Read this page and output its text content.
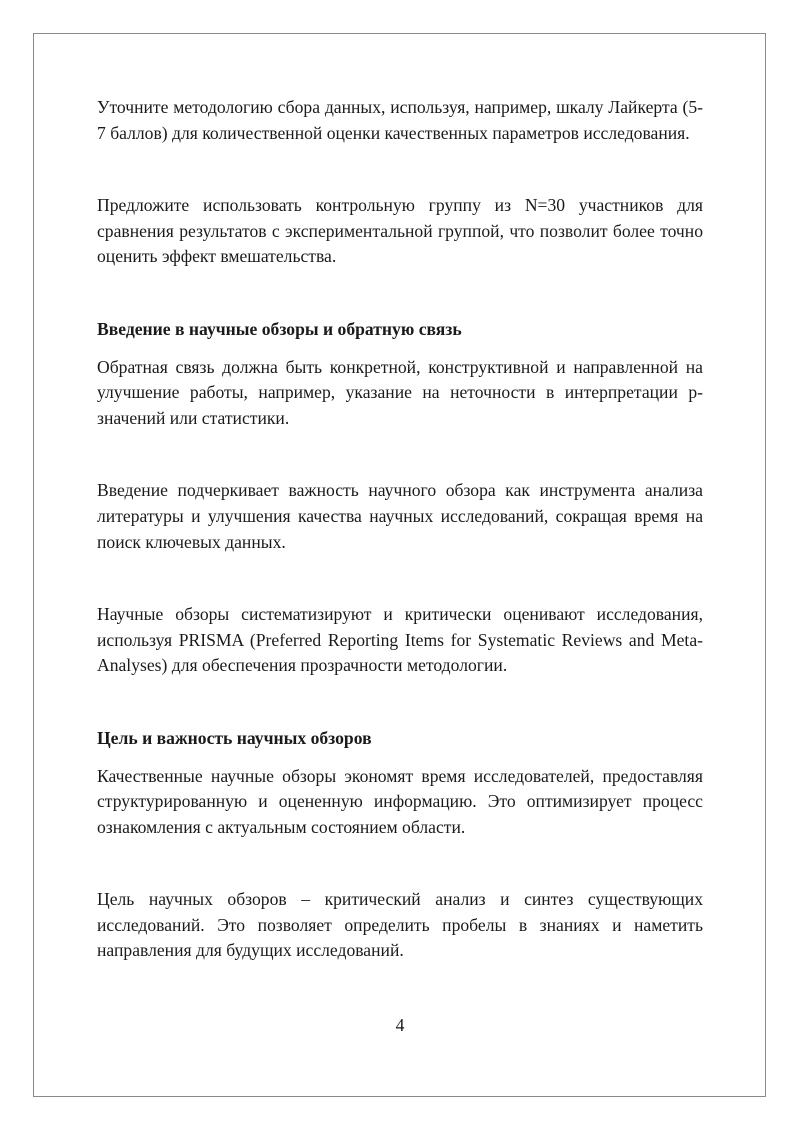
Уточните методологию сбора данных, используя, например, шкалу Лайкерта (5-7 баллов) для количественной оценки качественных параметров исследования.

Предложите использовать контрольную группу из N=30 участников для сравнения результатов с экспериментальной группой, что позволит более точно оценить эффект вмешательства.

Введение в научные обзоры и обратную связь

Обратная связь должна быть конкретной, конструктивной и направленной на улучшение работы, например, указание на неточности в интерпретации p-значений или статистики.

Введение подчеркивает важность научного обзора как инструмента анализа литературы и улучшения качества научных исследований, сокращая время на поиск ключевых данных.

Научные обзоры систематизируют и критически оценивают исследования, используя PRISMA (Preferred Reporting Items for Systematic Reviews and Meta-Analyses) для обеспечения прозрачности методологии.

Цель и важность научных обзоров

Качественные научные обзоры экономят время исследователей, предоставляя структурированную и оцененную информацию. Это оптимизирует процесс ознакомления с актуальным состоянием области.

Цель научных обзоров – критический анализ и синтез существующих исследований. Это позволяет определить пробелы в знаниях и наметить направления для будущих исследований.

4
